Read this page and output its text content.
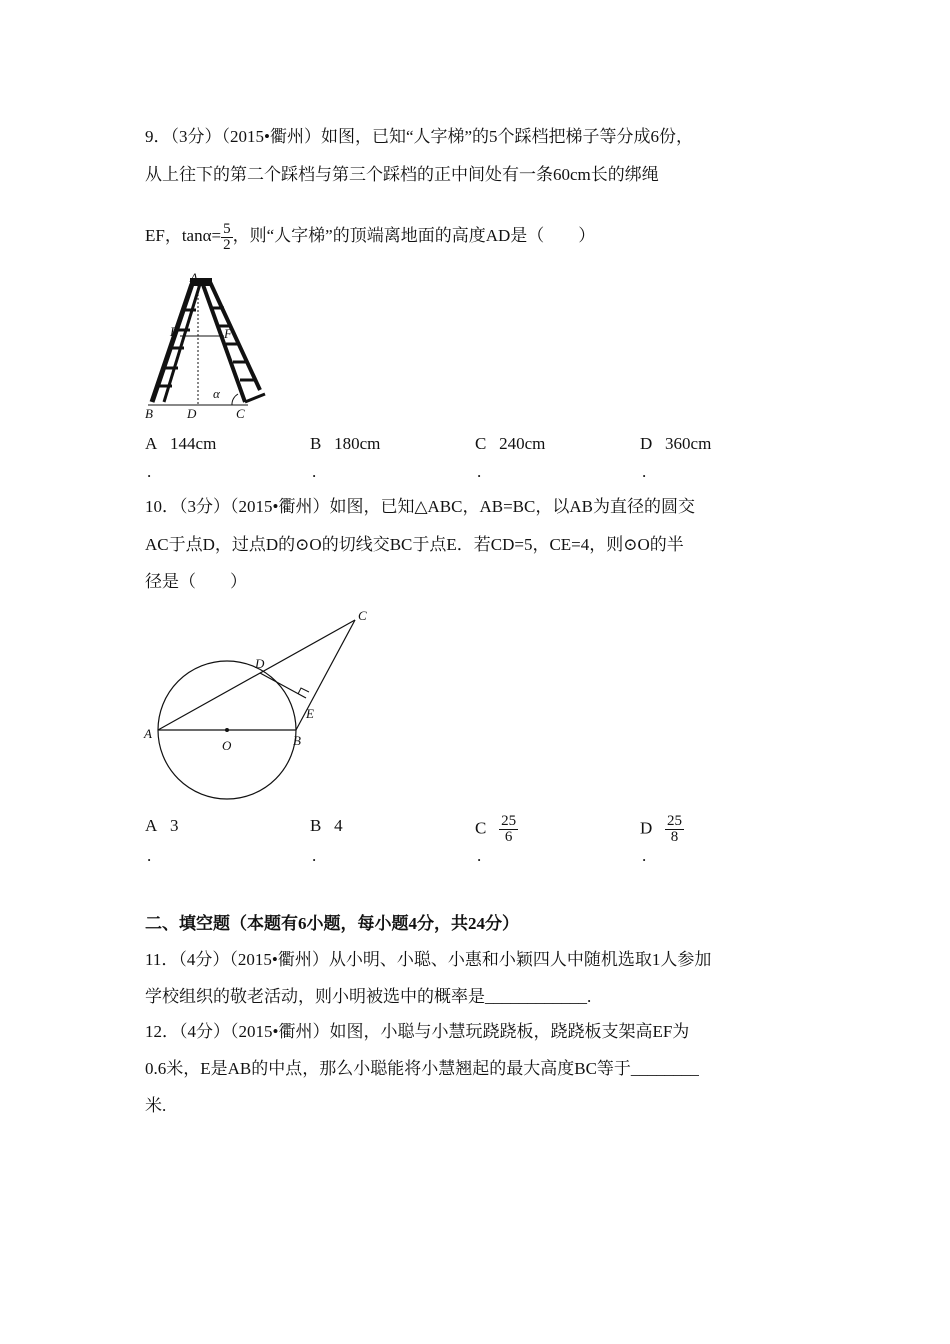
9．（3分）（2015•衢州）如图，已知“人字梯”的5个踩档把梯子等分成6份，
从上往下的第二个踩档与第三个踩档的正中间处有一条60cm长的绑绳
EF，$\tan\alpha= \frac{5}{2}$ ，则“人字梯”的顶端离地面的高度AD是（　　）
A
E	F
B	D	C
α
A 144cm	B 180cm	C 240cm	D 360cm
.	.	.	.
10．（3分）（2015•衢州）如图，已知△ABC，AB=BC，以AB为直径的圆交
AC于点D，过点D的⊙O的切线交BC于点E．若CD=5，CE=4，则⊙O的半
径是（　　）
A
O	B
C
D
E
A 3	B 4	C $\frac{25}{6}$	D $\frac{25}{8}$
.	.	.	.
二、填空题（本题有6小题，每小题4分，共24分）
11．（4分）（2015•衢州）从小明、小聪、小惠和小颖四人中随机选取1人参加
学校组织的敬老活动，则小明被选中的概率是____________.
12．（4分）（2015•衢州）如图，小聪与小慧玩跷跷板，跷跷板支架高EF为
0.6米，E是AB的中点，那么小聪能将小慧翘起的最大高度BC等于________
米.
